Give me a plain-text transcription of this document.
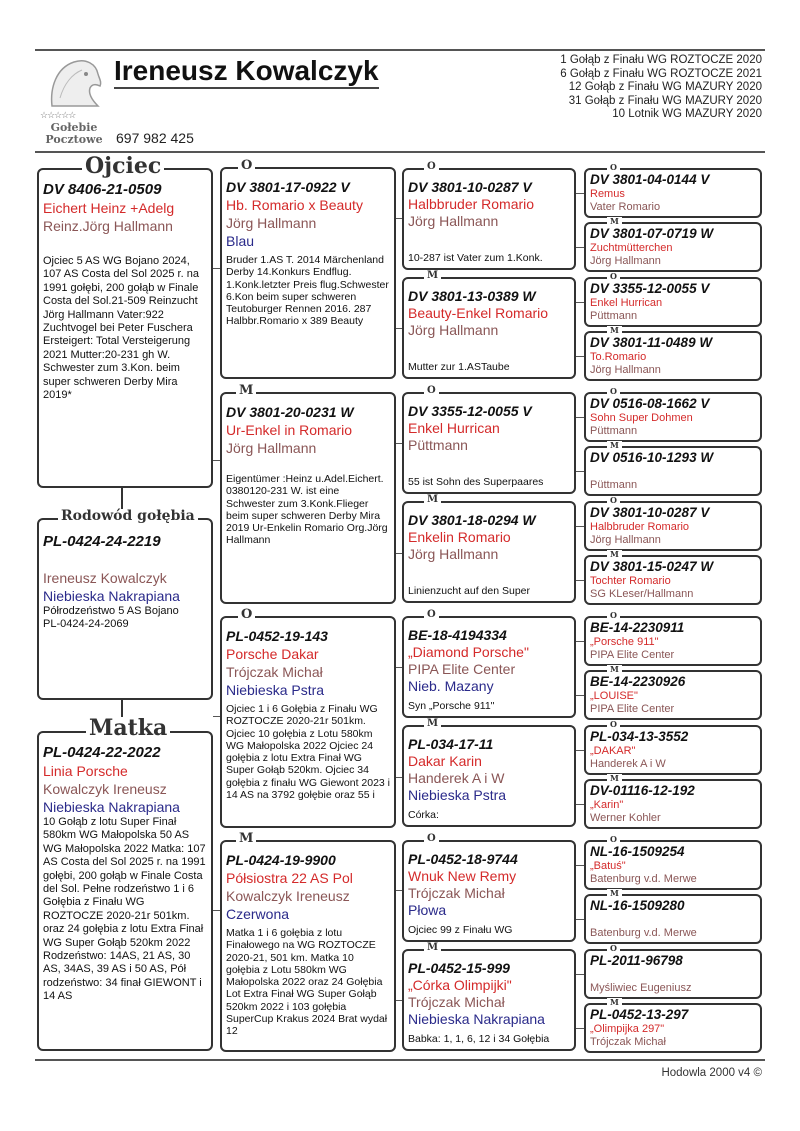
☆☆☆☆☆
Gołebie
Pocztowe
Ireneusz Kowalczyk
697 982 425
1 Gołąb z Finału WG ROZTOCZE 2020
6 Gołąb z Finału WG ROZTOCZE 2021
12 Gołąb z Finału WG MAZURY 2020
31 Gołąb z Finału WG MAZURY 2020
10 Lotnik WG MAZURY 2020
DV 8406-21-0509
Eichert Heinz +Adelg
Reinz.Jörg Hallmann
Ojciec 5 AS WG Bojano 2024, 107 AS Costa del Sol 2025 r. na 1991 gołębi, 200 gołąb w Finale Costa del Sol.21-509 Reinzucht Jörg Hallmann Vater:922 Zuchtvogel bei Peter Fuschera Ersteigert: Total Versteigerung 2021 Mutter:20-231 gh W. Schwester zum 3.Kon. beim super schweren Derby Mira 2019*
Ojciec
PL-0424-24-2219
Ireneusz Kowalczyk
Niebieska Nakrapiana
Półrodzeństwo 5 AS Bojano
PL-0424-24-2069
Rodowód gołębia
PL-0424-22-2022
Linia Porsche
Kowalczyk Ireneusz
Niebieska Nakrapiana
10 Gołąb z lotu Super Finał 580km WG Małopolska 50 AS WG Małopolska 2022 Matka: 107 AS Costa del Sol 2025 r. na 1991 gołębi, 200 gołąb w Finale Costa del Sol. Pełne rodzeństwo 1 i 6 Gołębia z Finału WG ROZTOCZE 2020-21r 501km. oraz 24 gołębia z lotu Extra Finał WG Super Gołąb 520km 2022 Rodzeństwo: 14AS, 21 AS, 30 AS, 34AS, 39 AS i 50 AS, Pół rodzeństwo: 34 finał GIEWONT i 14 AS
Matka
DV 3801-17-0922 V
Hb. Romario x Beauty
Jörg Hallmann
Blau
Bruder 1.AS T. 2014 Märchenland Derby 14.Konkurs Endflug. 1.Konk.letzter Preis flug.Schwester 6.Kon beim super schweren Teutoburger Rennen 2016. 287 Halbbr.Romario x 389 Beauty
O
DV 3801-20-0231 W
Ur-Enkel in Romario
Jörg Hallmann
Eigentümer :Heinz u.Adel.Eichert. 0380120-231 W. ist eine Schwester zum 3.Konk.Flieger beim super schweren Derby Mira 2019 Ur-Enkelin Romario Org.Jörg Hallmann
M
PL-0452-19-143
Porsche Dakar
Trójczak Michał
Niebieska Pstra
Ojciec 1 i 6 Gołębia z Finału WG ROZTOCZE 2020-21r 501km. Ojciec 10 gołębia z Lotu 580km WG Małopolska 2022 Ojciec 24 gołębia z lotu Extra Finał WG Super Gołąb 520km. Ojciec 34 gołębia z finału WG Giewont 2023 i 14 AS na 3792 gołębie oraz 55 i
O
PL-0424-19-9900
Półsiostra 22 AS Pol
Kowalczyk Ireneusz
Czerwona
Matka 1 i 6 gołębia z lotu Finałowego na WG ROZTOCZE 2020-21, 501 km. Matka 10 gołębia z Lotu 580km WG Małopolska 2022 oraz 24 Gołębia Lot Extra Finał WG Super Gołąb 520km 2022 i 103 gołębia SuperCup Krakus 2024 Brat wydał 12
M
DV 3801-10-0287 V
Halbbruder Romario
Jörg Hallmann
10-287 ist Vater zum 1.Konk.
O
DV 3801-13-0389 W
Beauty-Enkel Romario
Jörg Hallmann
Mutter zur 1.ASTaube
M
DV 3355-12-0055 V
Enkel Hurrican
Püttmann
55 ist Sohn des Superpaares
O
DV 3801-18-0294 W
Enkelin Romario
Jörg Hallmann
Linienzucht auf den Super
M
BE-18-4194334
„Diamond Porsche"
PIPA Elite Center
Nieb. Mazany
Syn „Porsche 911"
O
PL-034-17-11
Dakar Karin
Handerek A i W
Niebieska Pstra
Córka:
M
PL-0452-18-9744
Wnuk New Remy
Trójczak Michał
Płowa
Ojciec 99 z Finału WG
O
PL-0452-15-999
„Córka Olimpijki"
Trójczak Michał
Niebieska Nakrapiana
Babka: 1, 1, 6, 12 i 34 Gołębia
M
DV 3801-04-0144 V
Remus
Vater Romario
O
DV 3801-07-0719 W
Zuchtmütterchen
Jörg Hallmann
M
DV 3355-12-0055 V
Enkel Hurrican
Püttmann
O
DV 3801-11-0489 W
To.Romario
Jörg Hallmann
M
DV 0516-08-1662 V
Sohn Super Dohmen
Püttmann
O
DV 0516-10-1293 W
Püttmann
M
DV 3801-10-0287 V
Halbbruder Romario
Jörg Hallmann
O
DV 3801-15-0247 W
Tochter Romario
SG KLeser/Hallmann
M
BE-14-2230911
„Porsche 911"
PIPA Elite Center
O
BE-14-2230926
„LOUISE"
PIPA Elite Center
M
PL-034-13-3552
„DAKAR"
Handerek A i W
O
DV-01116-12-192
„Karin"
Werner Kohler
M
NL-16-1509254
„Batuś"
Batenburg v.d. Merwe
O
NL-16-1509280
Batenburg v.d. Merwe
M
PL-2011-96798
Myśliwiec Eugeniusz
O
PL-0452-13-297
„Olimpijka 297"
Trójczak Michał
M
Hodowla 2000 v4 ©
